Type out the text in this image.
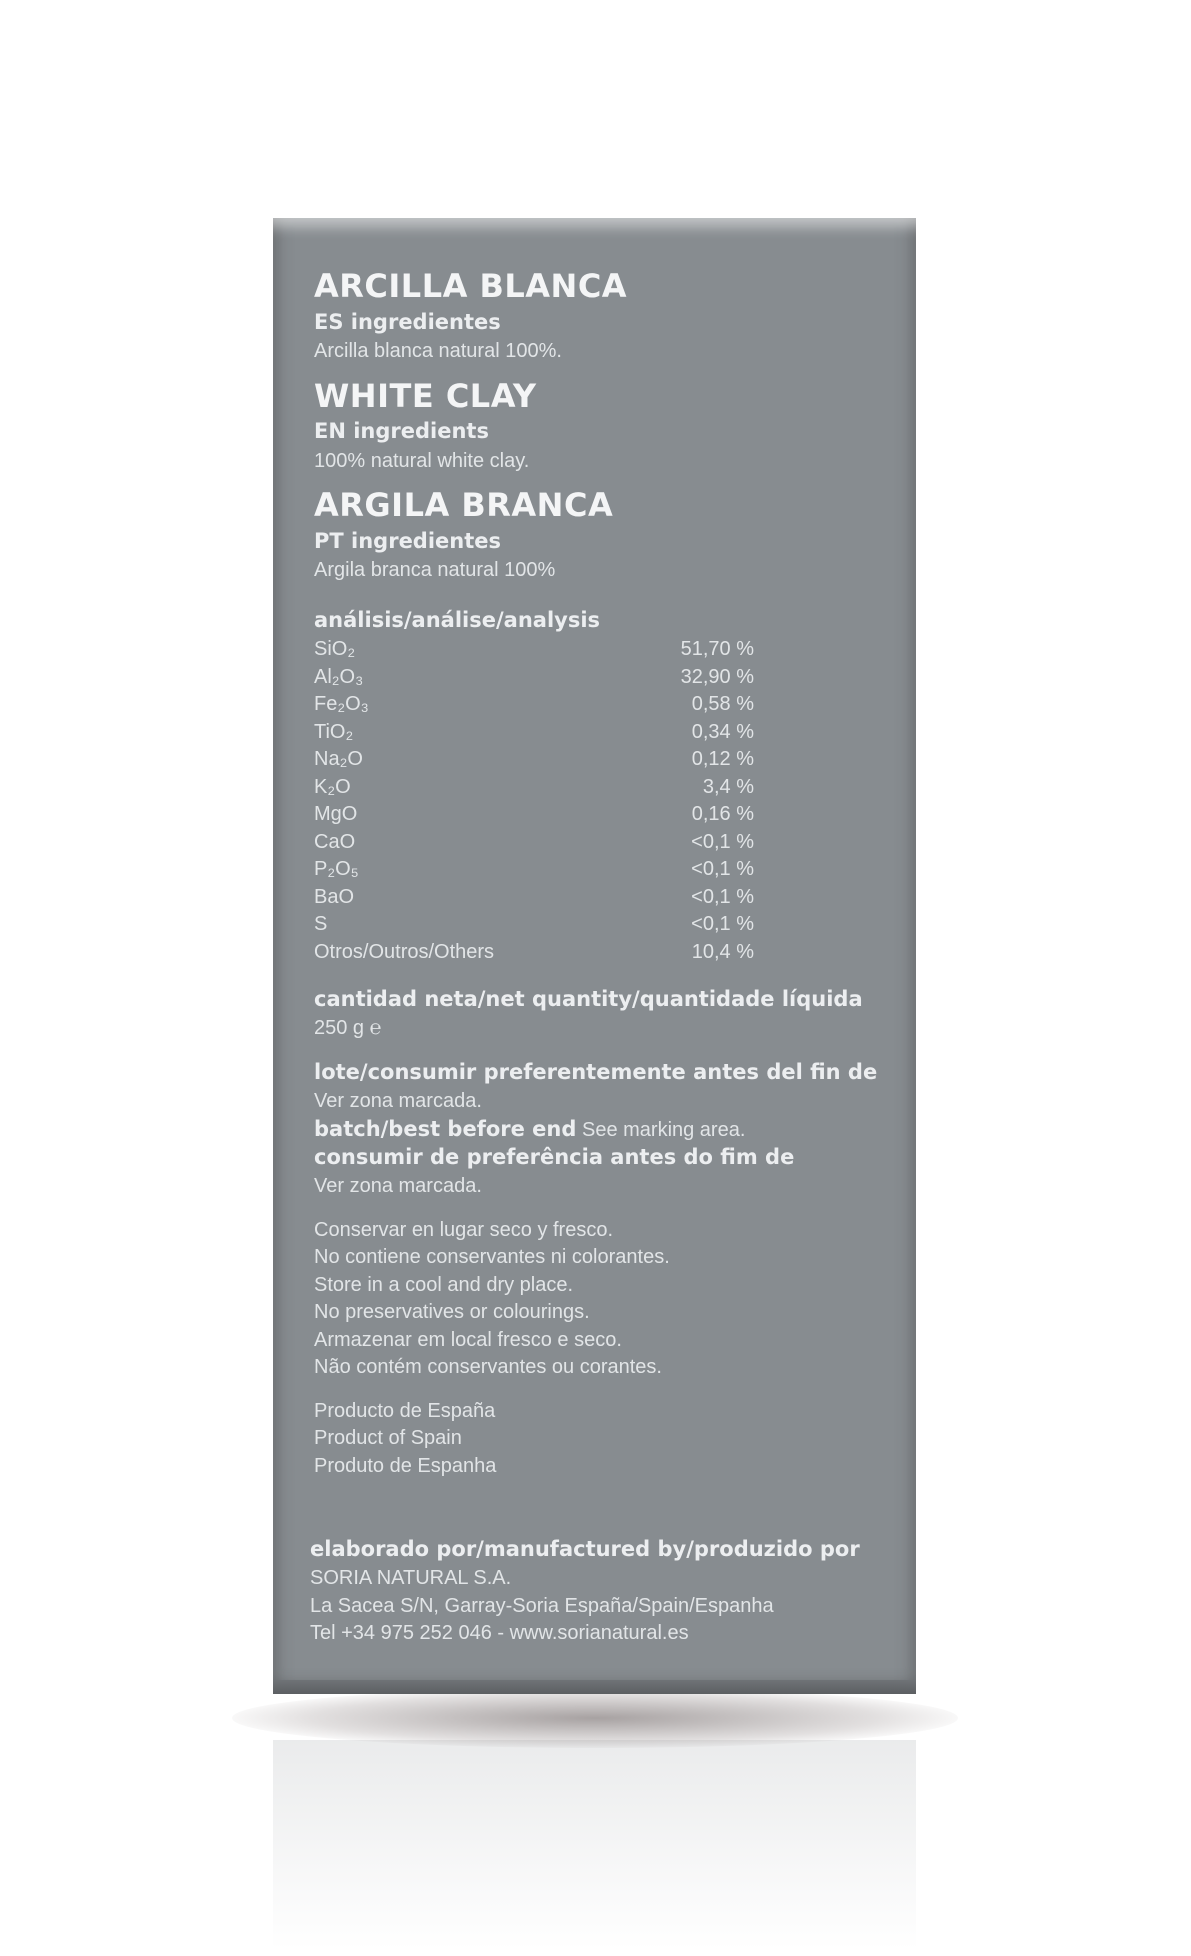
ARCILLA BLANCA

ES ingredientes

Arcilla blanca natural 100%.

WHITE CLAY

EN ingredients

100% natural white clay.

ARGILA BRANCA

PT ingredientes

Argila branca natural 100%

análisis/análise/analysis

SiO₂	51,70 %
Al₂O₃	32,90 %
Fe₂O₃	0,58 %
TiO₂	0,34 %
Na₂O	0,12 %
K₂O	3,4 %
MgO	0,16 %
CaO	<0,1 %
P₂O₅	<0,1 %
BaO	<0,1 %
S	<0,1 %
Otros/Outros/Others	10,4 %

cantidad neta/net quantity/quantidade líquida

250 g ℮

lote/consumir preferentemente antes del fin de

Ver zona marcada.

batch/best before end See marking area.

consumir de preferência antes do fim de

Ver zona marcada.

Conservar en lugar seco y fresco.

No contiene conservantes ni colorantes.

Store in a cool and dry place.

No preservatives or colourings.

Armazenar em local fresco e seco.

Não contém conservantes ou corantes.

Producto de España

Product of Spain

Produto de Espanha

elaborado por/manufactured by/produzido por

SORIA NATURAL S.A.

La Sacea S/N, Garray-Soria España/Spain/Espanha

Tel +34 975 252 046 - www.sorianatural.es
